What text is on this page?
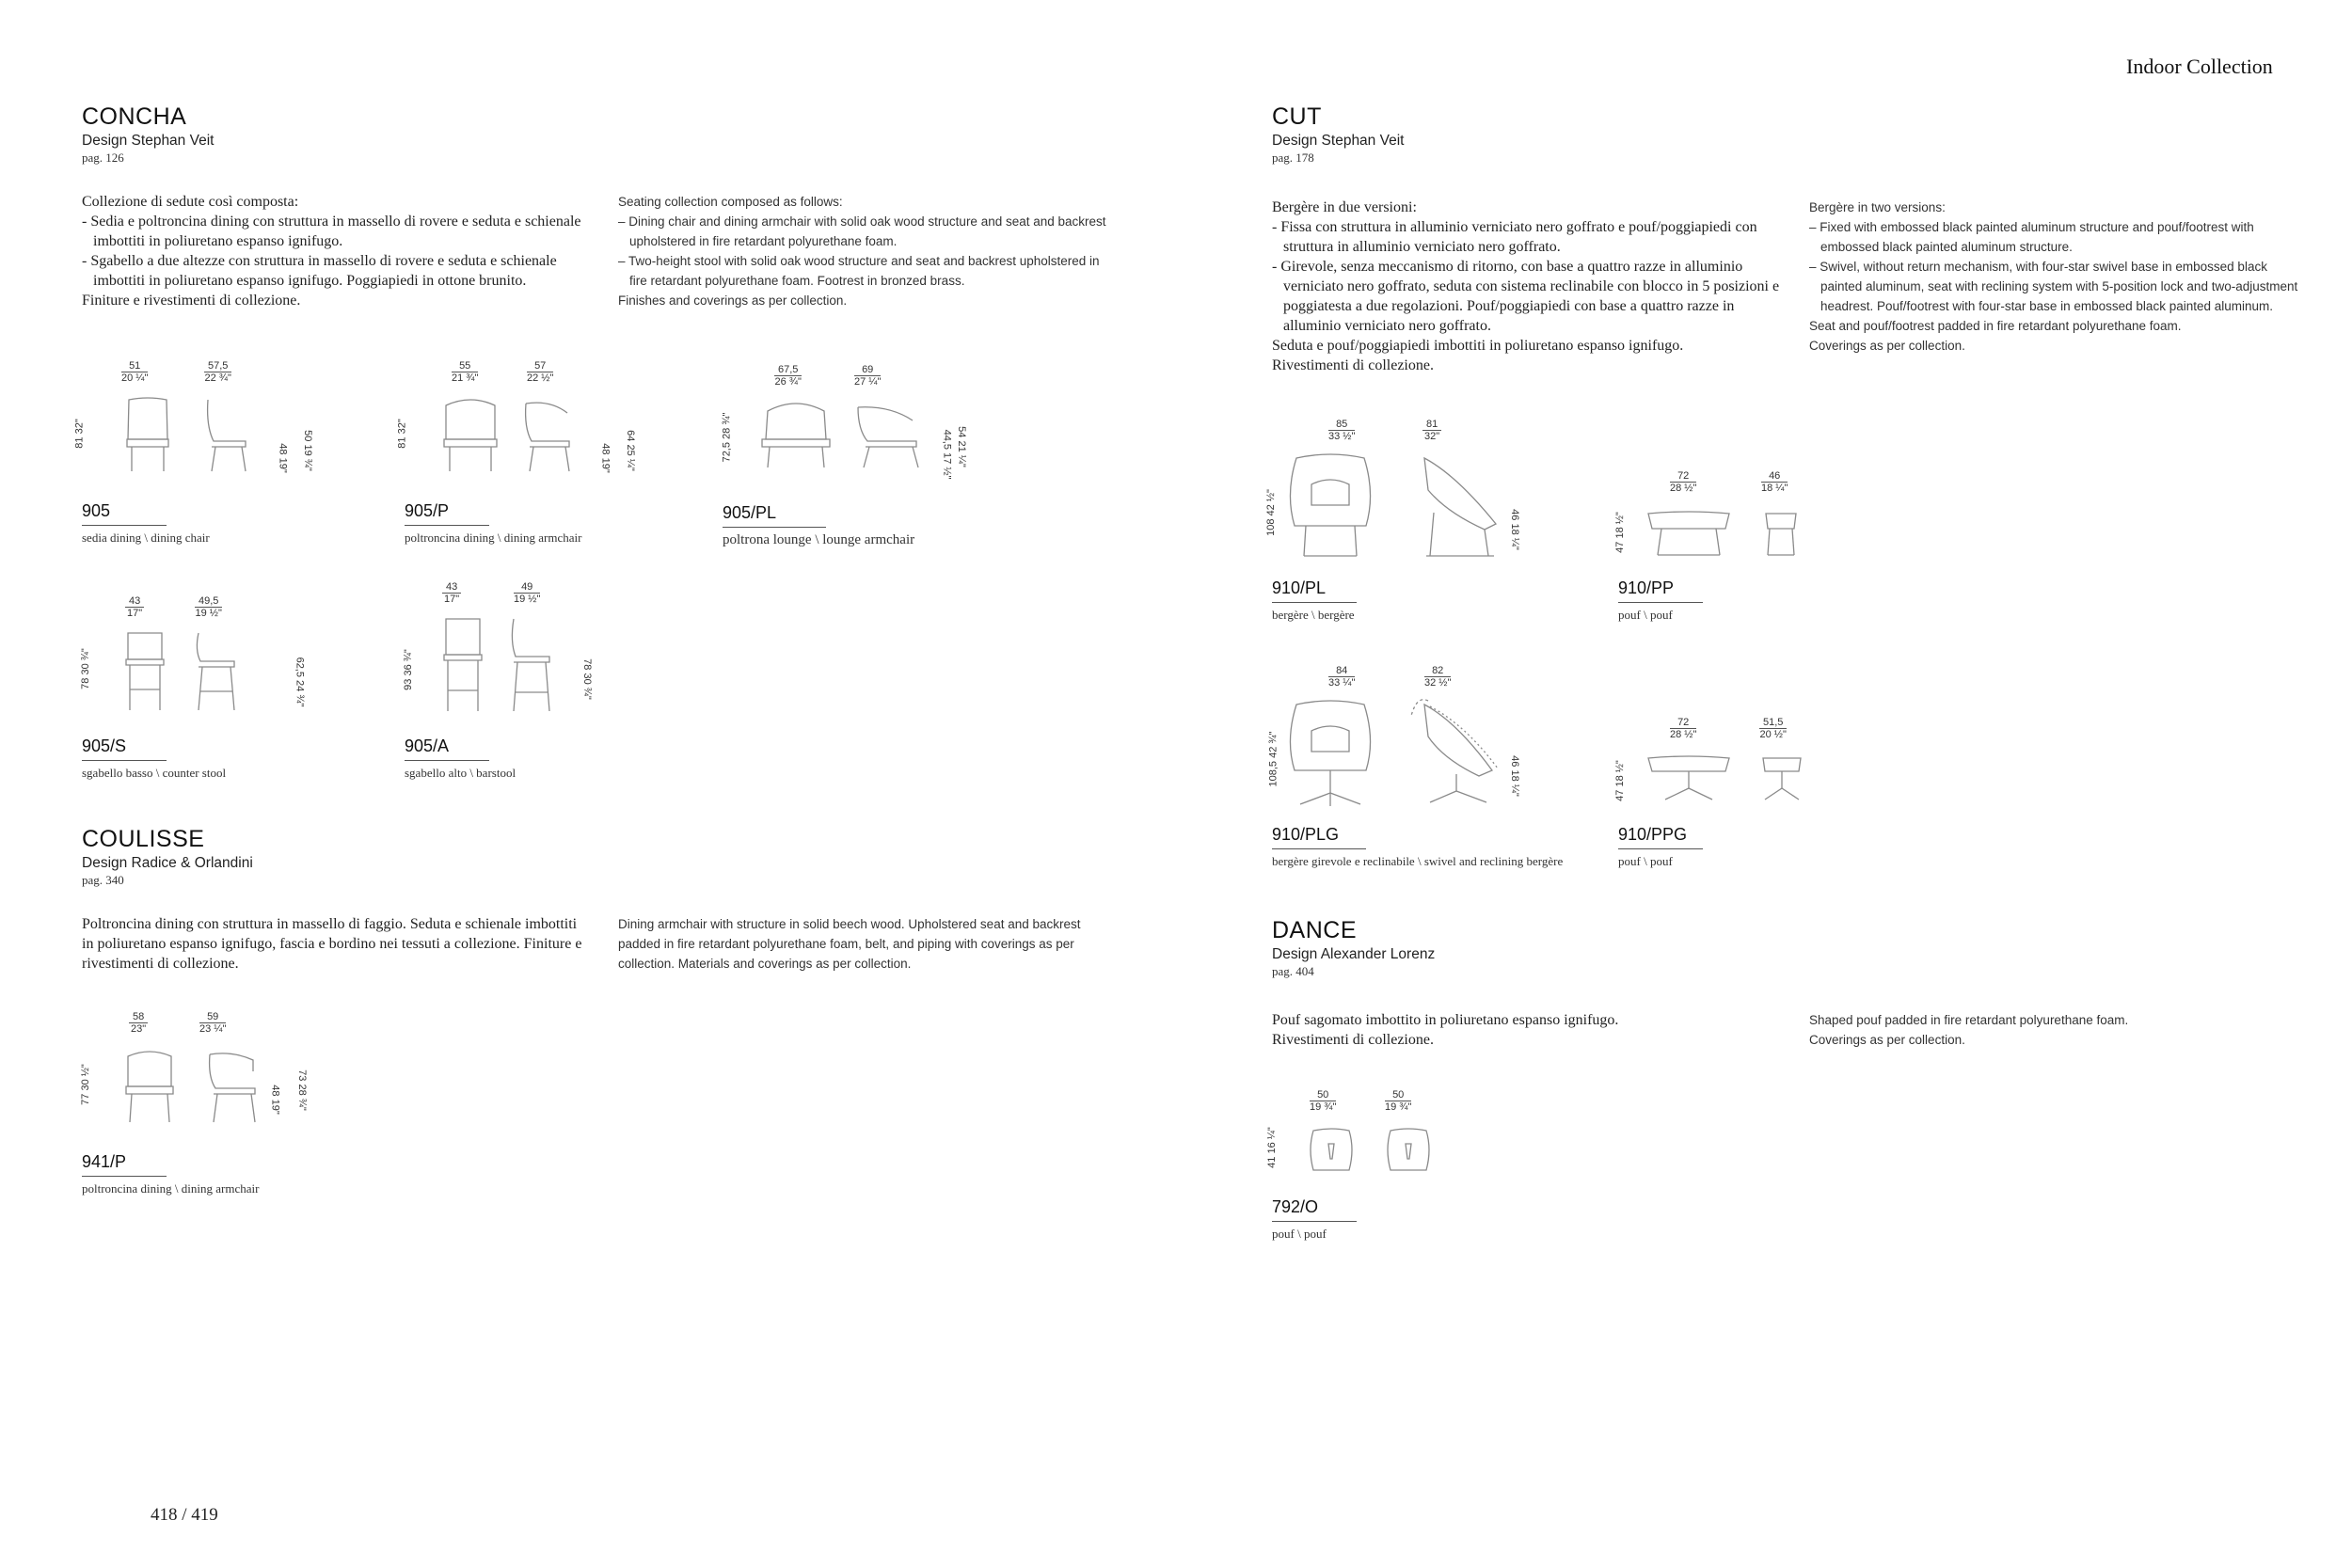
Indoor Collection
418 / 419
CONCHA
Design Stephan Veit
pag. 126
Collezione di sedute così composta:
- Sedia e poltroncina dining con struttura in massello di rovere e seduta e schienale imbottiti in poliuretano espanso ignifugo.
- Sgabello a due altezze con struttura in massello di rovere e seduta e schienale imbottiti in poliuretano espanso ignifugo. Poggiapiedi in ottone brunito.
Finiture e rivestimenti di collezione.
Seating collection composed as follows:
– Dining chair and dining armchair with solid oak wood structure and seat and backrest upholstered in fire retardant polyurethane foam.
– Two-height stool with solid oak wood structure and seat and backrest upholstered in fire retardant polyurethane foam. Footrest in bronzed brass.
Finishes and coverings as per collection.
51
20 ¼"
57,5
22 ¾"
81 32"
48 19"
50 19 ¾"
905
sedia dining \ dining chair
55
21 ¾"
57
22 ½"
81 32"
48 19"
64 25 ¼"
905/P
poltroncina dining \ dining armchair
67,5
26 ¾"
69
27 ¼"
72,5 28 ¾"
44,5 17 ½"
54 21 ¼"
905/PL
poltrona lounge \ lounge armchair
43
17"
49,5
19 ½"
78 30 ¾"	62,5 24 ¾"
905/S
sgabello basso \ counter stool
43
17"
49
19 ½"
93 36 ¾"	78 30 ¾"
905/A
sgabello alto \ barstool
COULISSE
Design Radice & Orlandini
pag. 340
Poltroncina dining con struttura in massello di faggio. Seduta e schienale imbottiti in poliuretano espanso ignifugo, fascia e bordino nei tessuti a collezione. Finiture e rivestimenti di collezione.
Dining armchair with structure in solid beech wood. Upholstered seat and backrest padded in fire retardant polyurethane foam, belt, and piping with coverings as per collection. Materials and coverings as per collection.
58
23"
59
23 ¼"
77 30 ½"	48 19"
73 28 ¾"
941/P
poltroncina dining \ dining armchair
CUT
Design Stephan Veit
pag. 178
Bergère in due versioni:
- Fissa con struttura in alluminio verniciato nero goffrato e pouf/poggiapiedi con struttura in alluminio verniciato nero goffrato.
- Girevole, senza meccanismo di ritorno, con base a quattro razze in alluminio verniciato nero goffrato, seduta con sistema reclinabile con blocco in 5 posizioni e poggiatesta a due regolazioni. Pouf/poggiapiedi con base a quattro razze in alluminio verniciato nero goffrato.
Seduta e pouf/poggiapiedi imbottiti in poliuretano espanso ignifugo.
Rivestimenti di collezione.
Bergère in two versions:
– Fixed with embossed black painted aluminum structure and pouf/footrest with embossed black painted aluminum structure.
– Swivel, without return mechanism, with four-star swivel base in embossed black painted aluminum, seat with reclining system with 5-position lock and two-adjustment headrest. Pouf/footrest with four-star base in embossed black painted aluminum.
Seat and pouf/footrest padded in fire retardant polyurethane foam.
Coverings as per collection.
85
33 ½"
81
32"
108 42 ½"	46 18 ¼"
910/PL
bergère \ bergère
72
28 ½"
46
18 ¼"
47 18 ½"
910/PP
pouf \ pouf
84
33 ¼"
82
32 ½"
108,5 42 ¾"
46 18 ¼"
910/PLG
bergère girevole e reclinabile \ swivel and reclining bergère
72
28 ½"
51,5
20 ½"
47 18 ½"
910/PPG
pouf \ pouf
DANCE
Design Alexander Lorenz
pag. 404
Pouf sagomato imbottito in poliuretano espanso ignifugo.
Rivestimenti di collezione.
Shaped pouf padded in fire retardant polyurethane foam.
Coverings as per collection.
50
19 ¾"
50
19 ¾"
41 16 ¼"
792/O
pouf \ pouf
